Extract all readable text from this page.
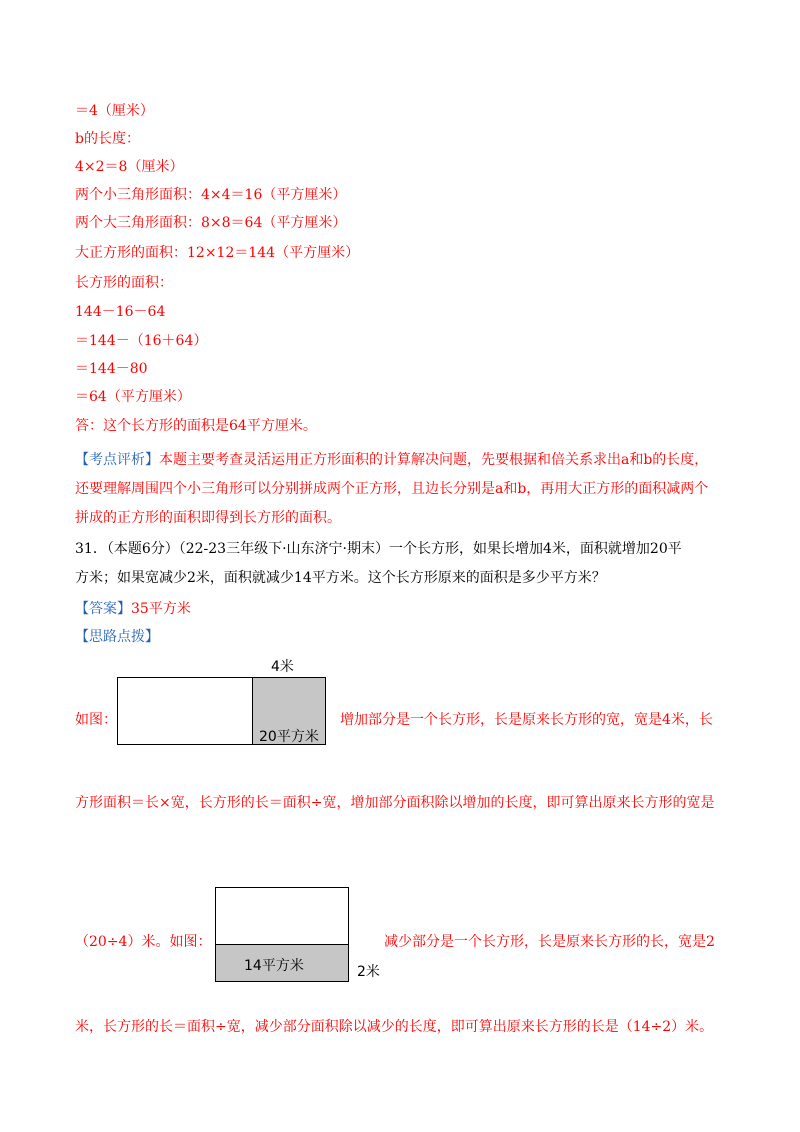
＝4（厘米）
b的长度：
4×2＝8（厘米）
两个小三角形面积：4×4＝16（平方厘米）
两个大三角形面积：8×8＝64（平方厘米）
大正方形的面积：12×12＝144（平方厘米）
长方形的面积：
144－16－64
＝144－（16＋64）
＝144－80
＝64（平方厘米）
答：这个长方形的面积是64平方厘米。
【考点评析】本题主要考查灵活运用正方形面积的计算解决问题，先要根据和倍关系求出a和b的长度，
还要理解周围四个小三角形可以分别拼成两个正方形，且边长分别是a和b，再用大正方形的面积减两个
拼成的正方形的面积即得到长方形的面积。
31．（本题6分）（22-23三年级下·山东济宁·期末）一个长方形，如果长增加4米，面积就增加20平
方米；如果宽减少2米，面积就减少14平方米。这个长方形原来的面积是多少平方米？
【答案】35平方米
【思路点拨】
4米
20平方米
如图：	增加部分是一个长方形，长是原来长方形的宽，宽是4米，长
方形面积＝长×宽，长方形的长＝面积÷宽，增加部分面积除以增加的长度，即可算出原来长方形的宽是
14平方米	2米
（20÷4）米。如图：	减少部分是一个长方形，长是原来长方形的长，宽是2
米，长方形的长＝面积÷宽，减少部分面积除以减少的长度，即可算出原来长方形的长是（14÷2）米。
